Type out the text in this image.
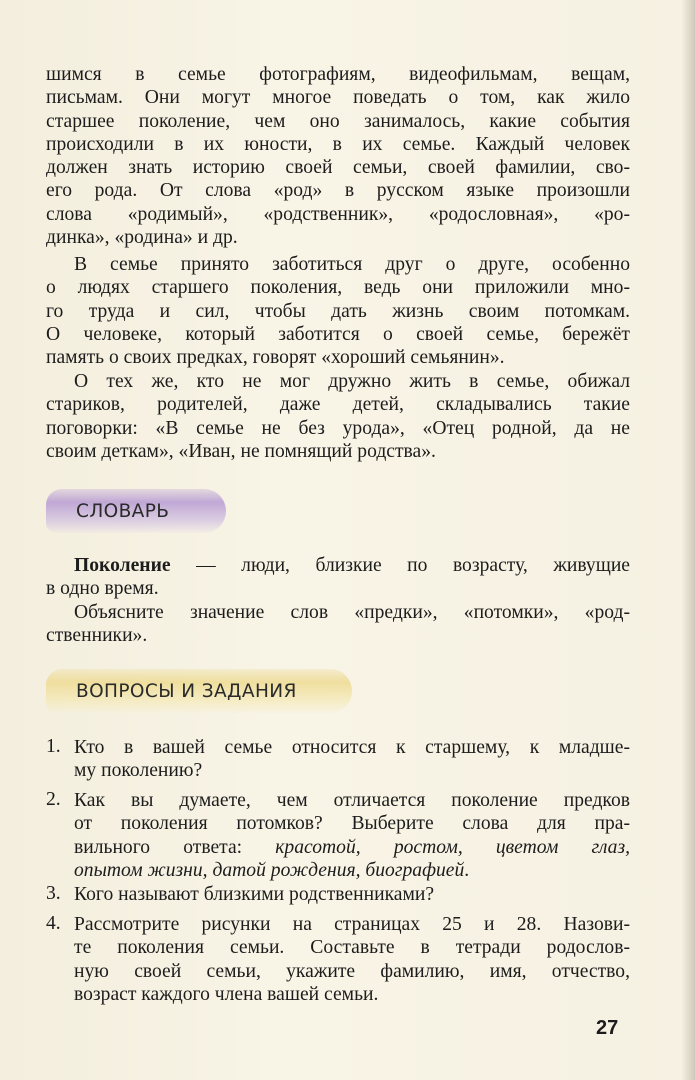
шимся в семье фотографиям, видеофильмам, вещам,
письмам. Они могут многое поведать о том, как жило
старшее поколение, чем оно занималось, какие события
происходили в их юности, в их семье. Каждый человек
должен знать историю своей семьи, своей фамилии, сво-
его рода. От слова «род» в русском языке произошли
слова «родимый», «родственник», «родословная», «ро-
динка», «родина» и др.
В семье принято заботиться друг о друге, особенно
о людях старшего поколения, ведь они приложили мно-
го труда и сил, чтобы дать жизнь своим потомкам.
О человеке, который заботится о своей семье, бережёт
память о своих предках, говорят «хороший семьянин».
О тех же, кто не мог дружно жить в семье, обижал
стариков, родителей, даже детей, складывались такие
поговорки: «В семье не без урода», «Отец родной, да не
своим деткам», «Иван, не помнящий родства».
СЛОВАРЬ
Поколение — люди, близкие по возрасту, живущие
в одно время.
Объясните значение слов «предки», «потомки», «род-
ственники».
ВОПРОСЫ И ЗАДАНИЯ
1. Кто в вашей семье относится к старшему, к младше-
му поколению?
2. Как вы думаете, чем отличается поколение предков
от поколения потомков? Выберите слова для пра-
вильного ответа: красотой, ростом, цветом глаз,
опытом жизни, датой рождения, биографией.
3. Кого называют близкими родственниками?
4. Рассмотрите рисунки на страницах 25 и 28. Назови-
те поколения семьи. Составьте в тетради родослов-
ную своей семьи, укажите фамилию, имя, отчество,
возраст каждого члена вашей семьи.
27
